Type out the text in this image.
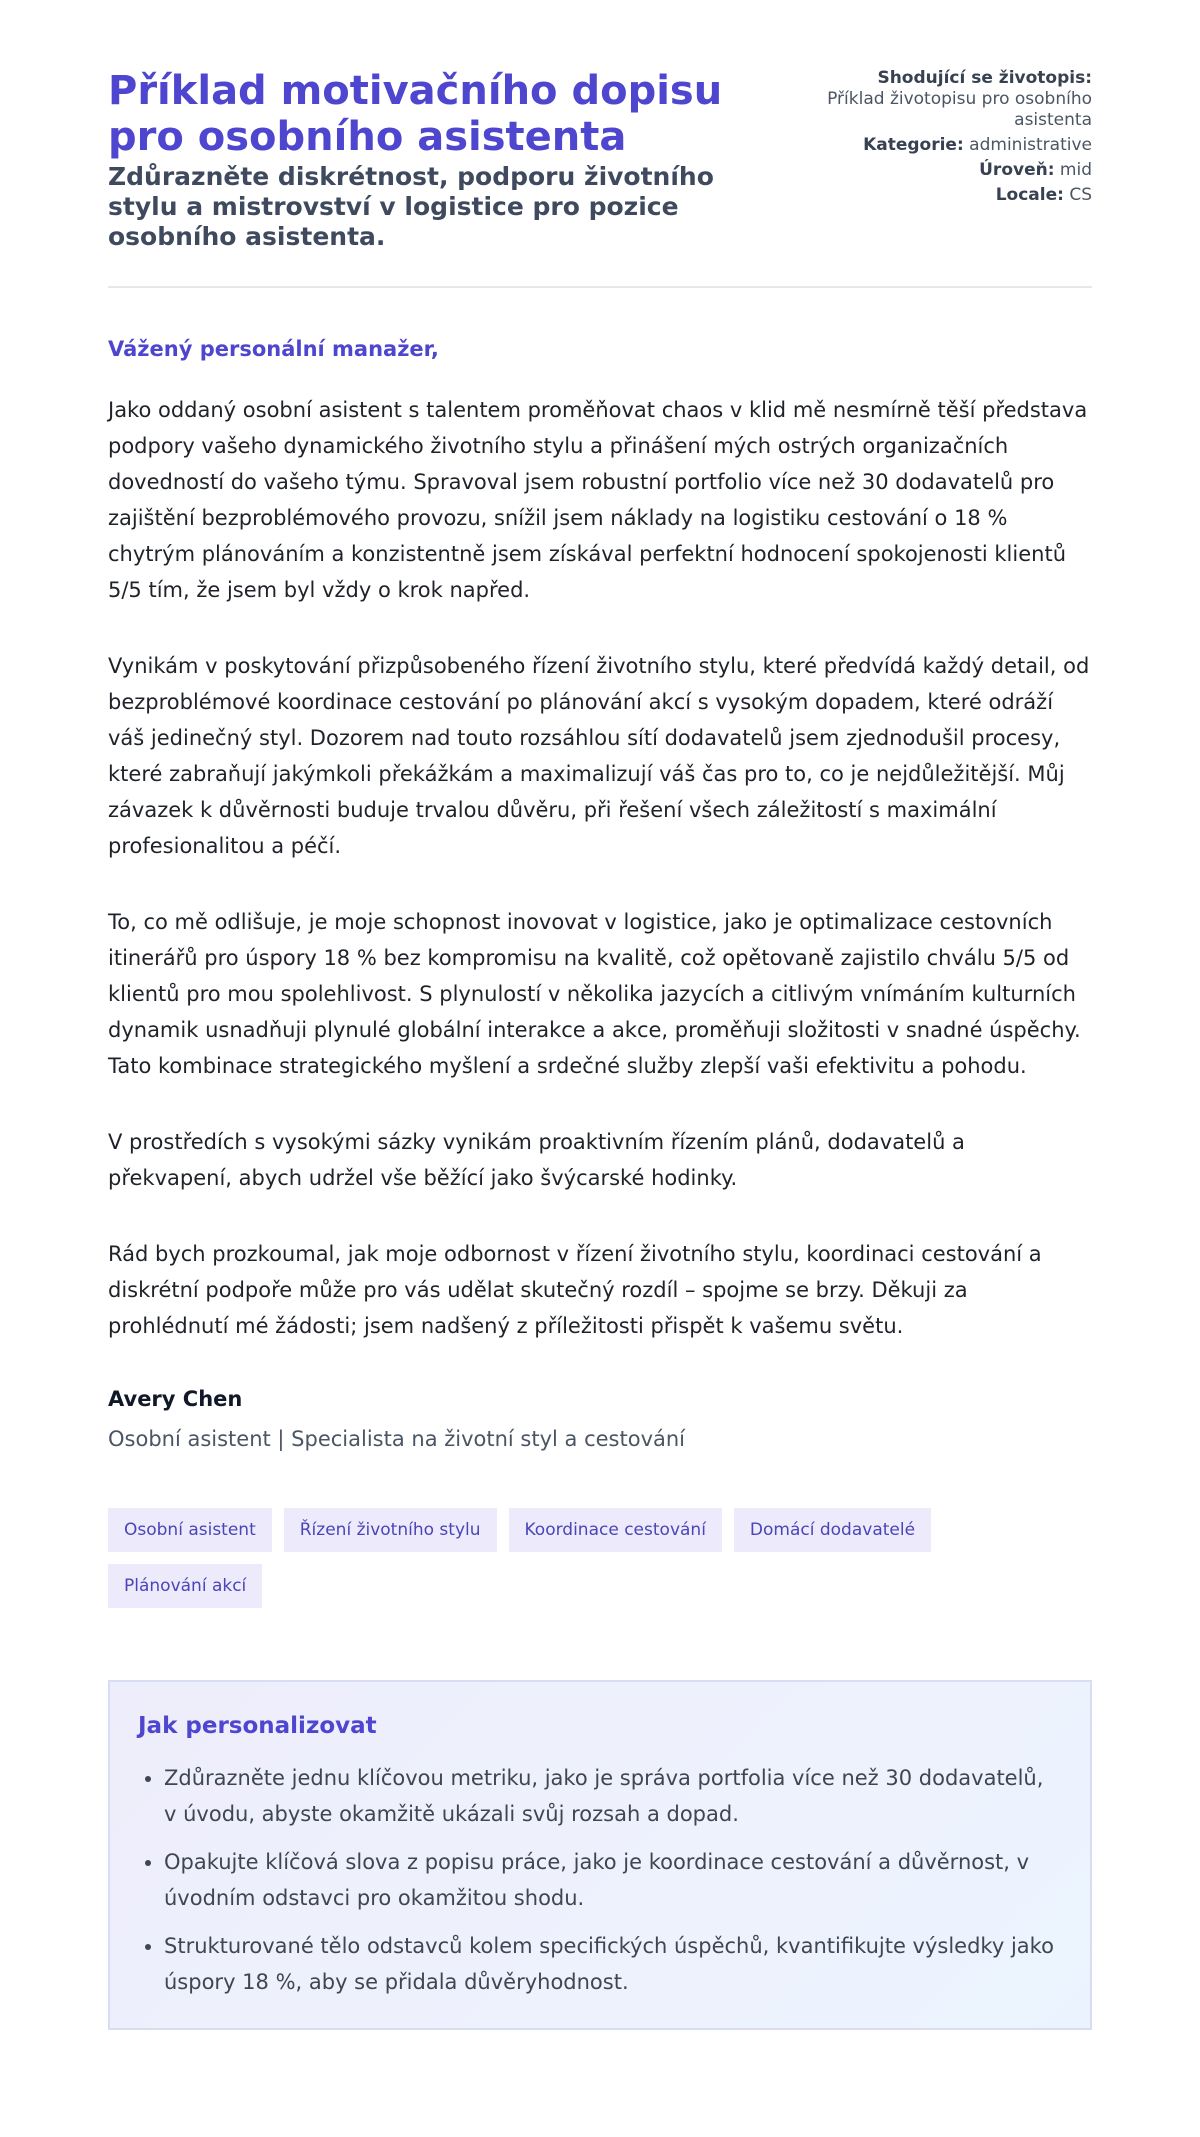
Příklad motivačního dopisu pro osobního asistenta
Zdůrazněte diskrétnost, podporu životního stylu a mistrovství v logistice pro pozice osobního asistenta.
Shodující se životopis:
Příklad životopisu pro osobního asistenta
Kategorie: administrative
Úroveň: mid
Locale: CS

Vážený personální manažer,

Jako oddaný osobní asistent s talentem proměňovat chaos v klid mě nesmírně těší představa podpory vašeho dynamického životního stylu a přinášení mých ostrých organizačních dovedností do vašeho týmu. Spravoval jsem robustní portfolio více než 30 dodavatelů pro zajištění bezproblémového provozu, snížil jsem náklady na logistiku cestování o 18 % chytrým plánováním a konzistentně jsem získával perfektní hodnocení spokojenosti klientů 5/5 tím, že jsem byl vždy o krok napřed.

Vynikám v poskytování přizpůsobeného řízení životního stylu, které předvídá každý detail, od bezproblémové koordinace cestování po plánování akcí s vysokým dopadem, které odráží váš jedinečný styl. Dozorem nad touto rozsáhlou sítí dodavatelů jsem zjednodušil procesy, které zabraňují jakýmkoli překážkám a maximalizují váš čas pro to, co je nejdůležitější. Můj závazek k důvěrnosti buduje trvalou důvěru, při řešení všech záležitostí s maximální profesionalitou a péčí.

To, co mě odlišuje, je moje schopnost inovovat v logistice, jako je optimalizace cestovních itinerářů pro úspory 18 % bez kompromisu na kvalitě, což opětovaně zajistilo chválu 5/5 od klientů pro mou spolehlivost. S plynulostí v několika jazycích a citlivým vnímáním kulturních dynamik usnadňuji plynulé globální interakce a akce, proměňuji složitosti v snadné úspěchy. Tato kombinace strategického myšlení a srdečné služby zlepší vaši efektivitu a pohodu.

V prostředích s vysokými sázky vynikám proaktivním řízením plánů, dodavatelů a překvapení, abych udržel vše běžící jako švýcarské hodinky.

Rád bych prozkoumal, jak moje odbornost v řízení životního stylu, koordinaci cestování a diskrétní podpoře může pro vás udělat skutečný rozdíl – spojme se brzy. Děkuji za prohlédnutí mé žádosti; jsem nadšený z příležitosti přispět k vašemu světu.

Avery Chen

Osobní asistent | Specialista na životní styl a cestování

Osobní asistent	Řízení životního stylu	Koordinace cestování	Domácí dodavatelé
Plánování akcí
Jak personalizovat
• Zdůrazněte jednu klíčovou metriku, jako je správa portfolia více než 30 dodavatelů, v úvodu, abyste okamžitě ukázali svůj rozsah a dopad.
• Opakujte klíčová slova z popisu práce, jako je koordinace cestování a důvěrnost, v úvodním odstavci pro okamžitou shodu.
• Strukturované tělo odstavců kolem specifických úspěchů, kvantifikujte výsledky jako úspory 18 %, aby se přidala důvěryhodnost.
